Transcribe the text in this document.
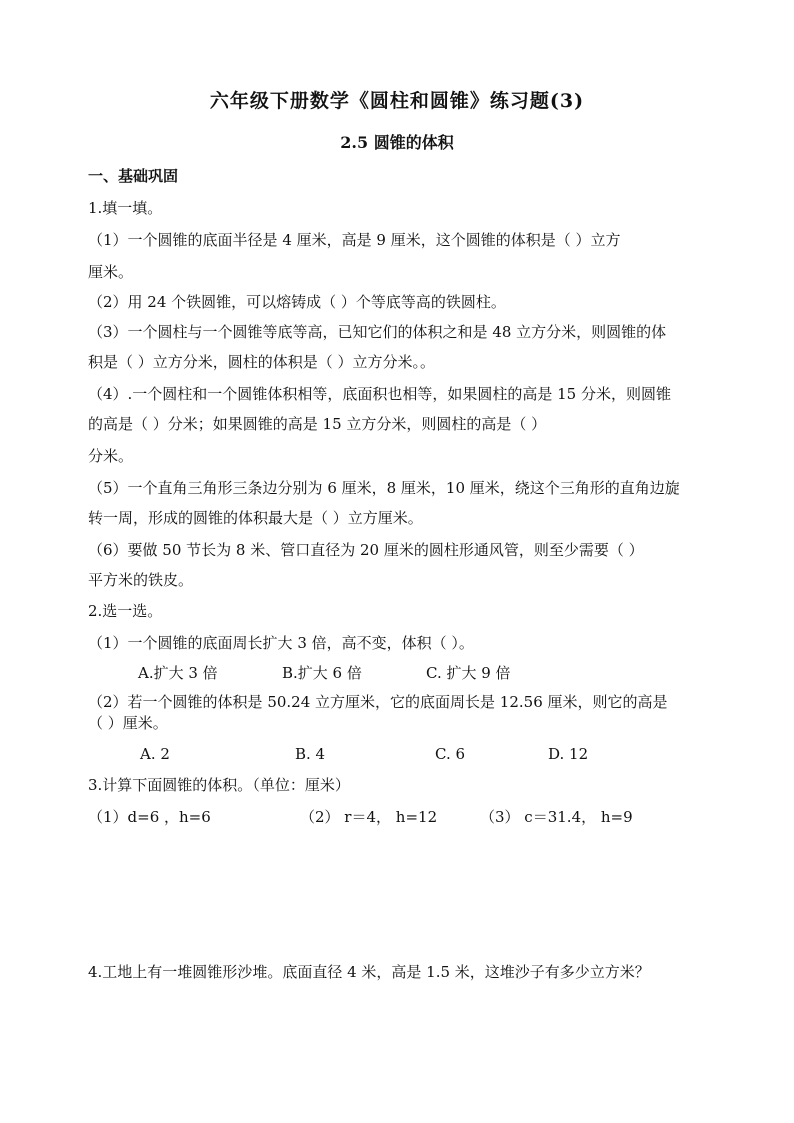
六年级下册数学《圆柱和圆锥》练习题(3)
2.5 圆锥的体积
一、基础巩固
1.填一填。
（1）一个圆锥的底面半径是 4 厘米，高是 9 厘米，这个圆锥的体积是（ ）立方
厘米。
（2）用 24 个铁圆锥，可以熔铸成（ ）个等底等高的铁圆柱。
（3）一个圆柱与一个圆锥等底等高，已知它们的体积之和是 48 立方分米，则圆锥的体
积是（ ）立方分米，圆柱的体积是（ ）立方分米。。
（4）.一个圆柱和一个圆锥体积相等，底面积也相等，如果圆柱的高是 15 分米，则圆锥
的高是（ ）分米；如果圆锥的高是 15 立方分米，则圆柱的高是（ ）
分米。
（5）一个直角三角形三条边分别为 6 厘米，8 厘米，10 厘米，绕这个三角形的直角边旋
转一周，形成的圆锥的体积最大是（ ）立方厘米。
（6）要做 50 节长为 8 米、管口直径为 20 厘米的圆柱形通风管，则至少需要（ ）
平方米的铁皮。
2.选一选。
（1）一个圆锥的底面周长扩大 3 倍，高不变，体积（ ）。
A.扩大 3 倍	B.扩大 6 倍	C. 扩大 9 倍
（2）若一个圆锥的体积是 50.24 立方厘米，它的底面周长是 12.56 厘米，则它的高是
（ ）厘米。
A. 2	B. 4	C. 6	D. 12
3.计算下面圆锥的体积。（单位：厘米）
（1）d=6 ，h=6	（2） r＝4， h=12	（3） c＝31.4， h=9
4.工地上有一堆圆锥形沙堆。底面直径 4 米，高是 1.5 米，这堆沙子有多少立方米？
